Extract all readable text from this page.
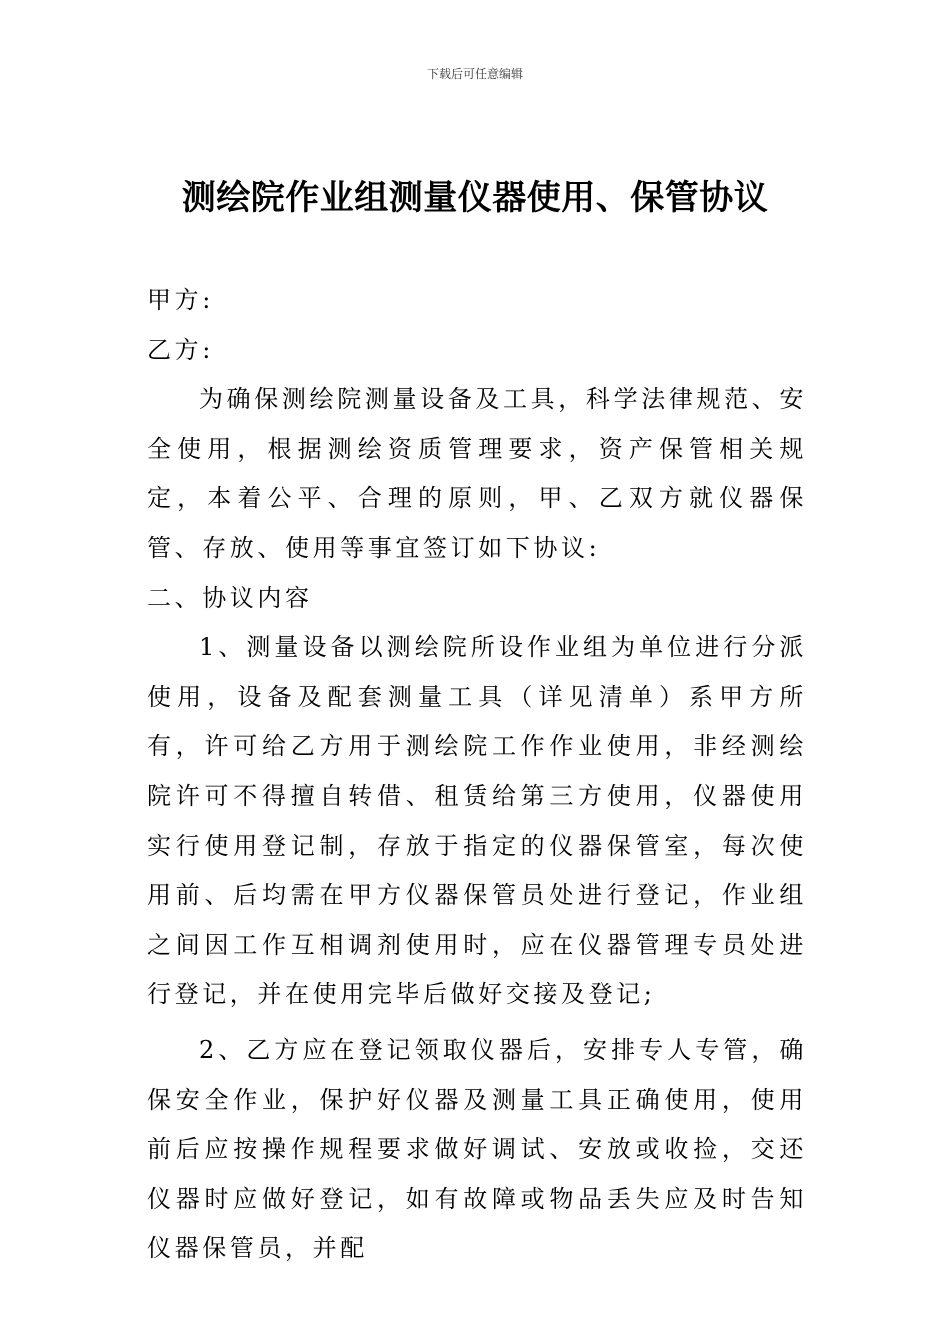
下载后可任意编辑
测绘院作业组测量仪器使用、保管协议

甲方:

乙方:

为确保测绘院测量设备及工具，科学法律规范、安全使用，根据测绘资质管理要求，资产保管相关规定，本着公平、合理的原则，甲、乙双方就仪器保管、存放、使用等事宜签订如下协议:

二、协议内容

1、测量设备以测绘院所设作业组为单位进行分派使用，设备及配套测量工具（详见清单）系甲方所有，许可给乙方用于测绘院工作作业使用，非经测绘院许可不得擅自转借、租赁给第三方使用，仪器使用实行使用登记制，存放于指定的仪器保管室，每次使用前、后均需在甲方仪器保管员处进行登记，作业组之间因工作互相调剂使用时，应在仪器管理专员处进行登记，并在使用完毕后做好交接及登记;

2、乙方应在登记领取仪器后，安排专人专管，确保安全作业，保护好仪器及测量工具正确使用，使用前后应按操作规程要求做好调试、安放或收捡，交还仪器时应做好登记，如有故障或物品丢失应及时告知仪器保管员，并配
